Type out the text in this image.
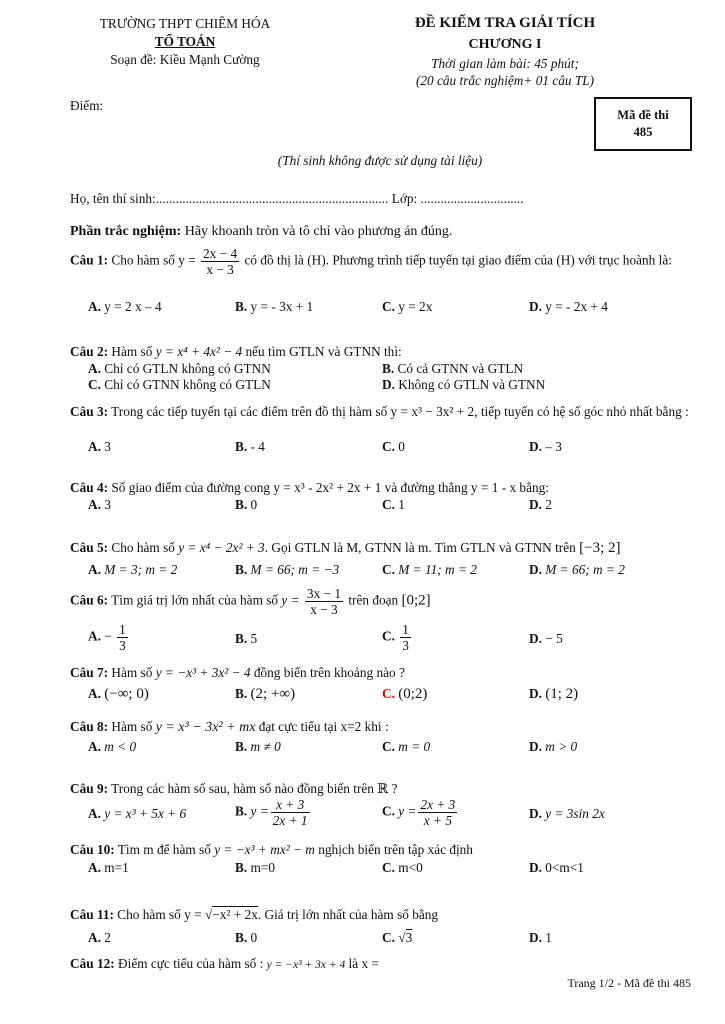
TRƯỜNG THPT CHIÊM HÓA
TỔ TOÁN
Soạn đề: Kiều Mạnh Cường
ĐỀ KIỂM TRA GIẢI TÍCH
CHƯƠNG I
Thời gian làm bài: 45 phút;
(20 câu trắc nghiệm+ 01 câu TL)
Điểm:
Mã đề thi
485
(Thí sinh không được sử dụng tài liệu)
Họ, tên thí sinh:...................................................................... Lớp: ...............................
Phần trắc nghiệm: Hãy khoanh tròn và tô chỉ vào phương án đúng.
Câu 1: Cho hàm số $y = \frac{2x - 4}{x - 3}$ có đồ thị là (H). Phương trình tiếp tuyến tại giao điểm của (H) với trục hoành là:
A. y = 2 x – 4	B. y = - 3x + 1	C. y = 2x	D. y = - 2x + 4
Câu 2: Hàm số y = x⁴ + 4x² − 4 nếu tìm GTLN và GTNN thì:
A. Chỉ có GTLN không có GTNN	B. Có cả GTNN và GTLN
C. Chỉ có GTNN không có GTLN	D. Không có GTLN và GTNN
Câu 3: Trong các tiếp tuyến tại các điểm trên đồ thị hàm số y = x³ − 3x² + 2, tiếp tuyến có hệ số góc nhỏ nhất bằng :
A. 3	B. - 4	C. 0	D. – 3
Câu 4: Số giao điểm của đường cong y = x³ - 2x² + 2x + 1 và đường thẳng y = 1 - x bằng:
A. 3	B. 0	C. 1	D. 2
Câu 5: Cho hàm số y = x⁴ − 2x² + 3. Gọi GTLN là M, GTNN là m. Tìm GTLN và GTNN trên [−3; 2]
A. M = 3; m = 2	B. M = 66; m = −3	C. M = 11; m = 2	D. M = 66; m = 2
Câu 6: Tìm giá trị lớn nhất của hàm số $y = \frac{3x - 1}{x - 3}$ trên đoạn [0;2]
A. − $\frac{1}{3}$	B. 5	C. $\frac{1}{3}$	D. − 5
Câu 7: Hàm số y = −x³ + 3x² − 4 đồng biến trên khoảng nào ?
A. (−∞; 0)	B. (2; +∞)	C. (0;2)	D. (1; 2)
Câu 8: Hàm số y = x³ − 3x² + mx đạt cực tiểu tại x=2 khi :
A. m < 0	B. m ≠ 0	C. m = 0	D. m > 0
Câu 9: Trong các hàm số sau, hàm số nào đồng biến trên ℝ ?
A. y = x³ + 5x + 6	B. $y = \frac{x + 3}{2x + 1}$	C. $y = \frac{2x + 3}{x + 5}$	D. y = 3sin 2x
Câu 10: Tìm m để hàm số y = −x³ + mx² − m nghịch biến trên tập xác định
A. m=1	B. m=0	C. m<0	D. 0<m<1
Câu 11: Cho hàm số y = √−x² + 2x. Giá trị lớn nhất của hàm số bằng
A. 2	B. 0	C. √3	D. 1
Câu 12: Điểm cực tiểu của hàm số : y = −x³ + 3x + 4 là x =
Trang 1/2 - Mã đề thi 485
